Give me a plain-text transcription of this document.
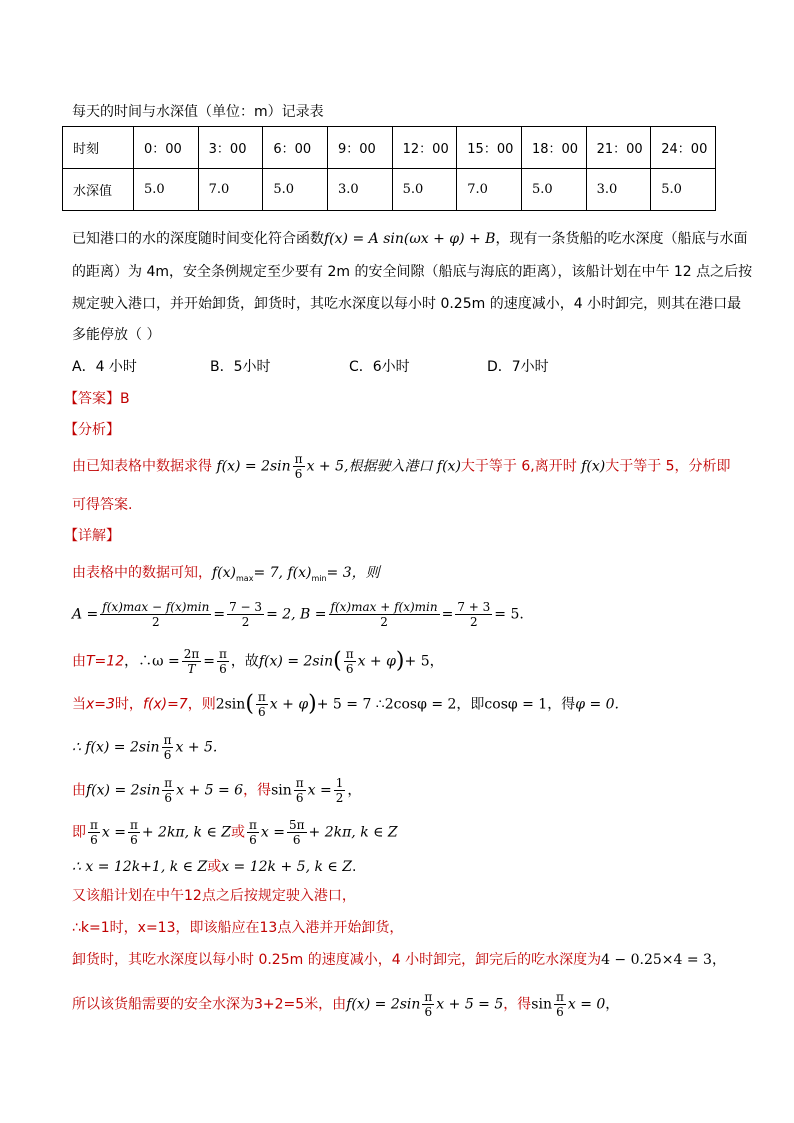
每天的时间与水深值（单位：m）记录表
时刻	0：00	3：00	6：00	9：00	12：00	15：00	18：00	21：00	24：00
水深值	5.0	7.0	5.0	3.0	5.0	7.0	5.0	3.0	5.0
已知港口的水的深度随时间变化符合函数f(x) = A sin(ωx + φ) + B，现有一条货船的吃水深度（船底与水面
的距离）为 4m，安全条例规定至少要有 2m 的安全间隙（船底与海底的距离），该船计划在中午 12 点之后按
规定驶入港口，并开始卸货，卸货时，其吃水深度以每小时 0.25m 的速度减小，4 小时卸完，则其在港口最
多能停放（ ）
A．4 小时	B．5小时	C．6小时	D．7小时
【答案】B
【分析】
由已知表格中数据求得 $f(x) = 2\sin \frac{\pi}{6}$ x + 5,根据驶入港口 f(x)大于等于 6,离开时 f(x)大于等于 5，分析即
可得答案.
【详解】
由表格中的数据可知，$f(x)_{max}= 7$, $f(x)_{min}= 3$，则
$A = \frac{f(x)\max - f(x)\min}{2} = \frac{7 - 3}{2} = 2$, $B = \frac{f(x)\max + f(x)\min}{2} = \frac{7 + 3}{2} = 5$.
由T=12，∴ω = $\frac{2\pi}{T} = \frac{\pi}{6}$ ，故$f(x) = 2\sin( \frac{\pi}{6}$ x + φ)+ 5，
当x=3时，f(x)=7，则$2\sin( \frac{\pi}{6}$ x + φ)+ 5 = 7 ∴2cosφ = 2，即cosφ = 1，得φ = 0.
∴ $f(x) = 2\sin \frac{\pi}{6}$ x + 5.
由$f(x) = 2\sin \frac{\pi}{6}$ x + 5 = 6，得$\sin \frac{\pi}{6}$ $x = \frac{1}{2}$ ，
即 $\frac{\pi}{6}$ $x = \frac{\pi}{6} + 2k\pi$, k ∈ Z或 $\frac{\pi}{6}$ $x = \frac{5\pi}{6} + 2k\pi$, k ∈ Z
∴ x = 12k+1, k ∈ Z或x = 12k + 5, k ∈ Z.
又该船计划在中午12点之后按规定驶入港口，
∴k=1时，x=13，即该船应在13点入港并开始卸货，
卸货时，其吃水深度以每小时 0.25m 的速度减小，4 小时卸完，卸完后的吃水深度为4 − 0.25×4 = 3，
所以该货船需要的安全水深为3+2=5米，由$f(x) = 2\sin \frac{\pi}{6}$ x + 5 = 5，得$\sin \frac{\pi}{6}$ x = 0，
